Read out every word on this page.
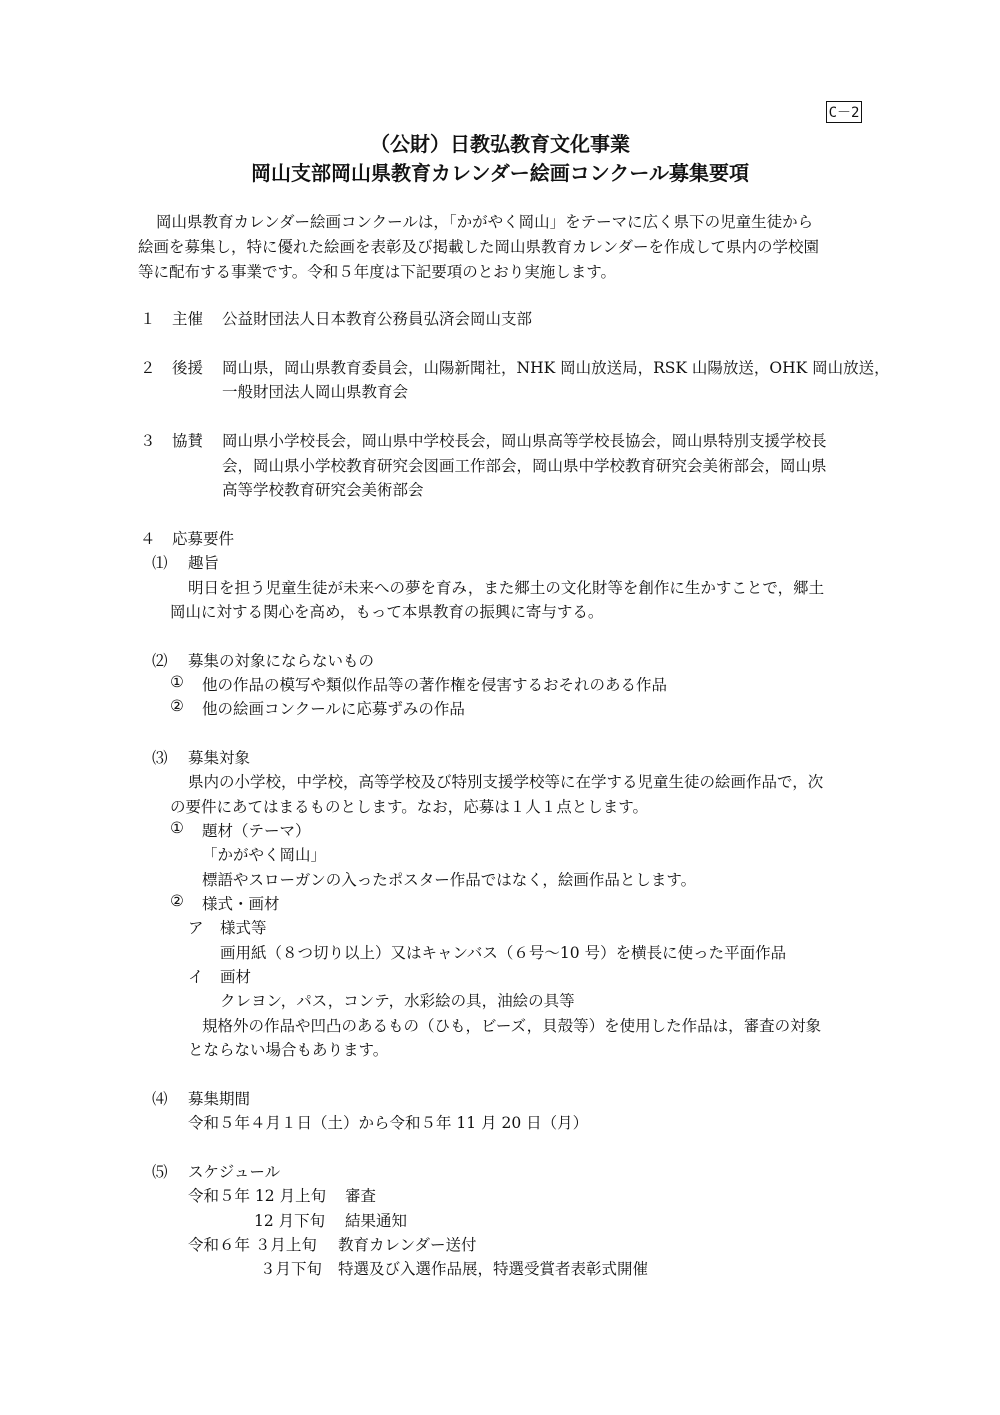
C－2
（公財）日教弘教育文化事業
岡山支部岡山県教育カレンダー絵画コンクール募集要項
岡山県教育カレンダー絵画コンクールは，「かがやく岡山」をテーマに広く県下の児童生徒から
絵画を募集し，特に優れた絵画を表彰及び掲載した岡山県教育カレンダーを作成して県内の学校園
等に配布する事業です。令和５年度は下記要項のとおり実施します。
１ 主催 公益財団法人日本教育公務員弘済会岡山支部
２ 後援 岡山県，岡山県教育委員会，山陽新聞社，NHK 岡山放送局，RSK 山陽放送，OHK 岡山放送，
一般財団法人岡山県教育会
３ 協賛 岡山県小学校長会，岡山県中学校長会，岡山県高等学校長協会，岡山県特別支援学校長
会，岡山県小学校教育研究会図画工作部会，岡山県中学校教育研究会美術部会，岡山県
高等学校教育研究会美術部会
４ 応募要件
⑴ 趣旨
明日を担う児童生徒が未来への夢を育み，また郷土の文化財等を創作に生かすことで，郷土
岡山に対する関心を高め，もって本県教育の振興に寄与する。
⑵ 募集の対象にならないもの
① 他の作品の模写や類似作品等の著作権を侵害するおそれのある作品
② 他の絵画コンクールに応募ずみの作品
⑶ 募集対象
県内の小学校，中学校，高等学校及び特別支援学校等に在学する児童生徒の絵画作品で，次
の要件にあてはまるものとします。なお，応募は１人１点とします。
① 題材（テーマ）
「かがやく岡山」
標語やスローガンの入ったポスター作品ではなく，絵画作品とします。
② 様式・画材
ア 様式等
画用紙（８つ切り以上）又はキャンバス（６号～10 号）を横長に使った平面作品
イ 画材
クレヨン，パス，コンテ，水彩絵の具，油絵の具等
規格外の作品や凹凸のあるもの（ひも，ビーズ，貝殻等）を使用した作品は，審査の対象
とならない場合もあります。
⑷ 募集期間
令和５年４月１日（土）から令和５年 11 月 20 日（月）
⑸ スケジュール
令和５年 12 月上旬 審査
12 月下旬 結果通知
令和６年 ３月上旬 教育カレンダー送付
３月下旬 特選及び入選作品展，特選受賞者表彰式開催
